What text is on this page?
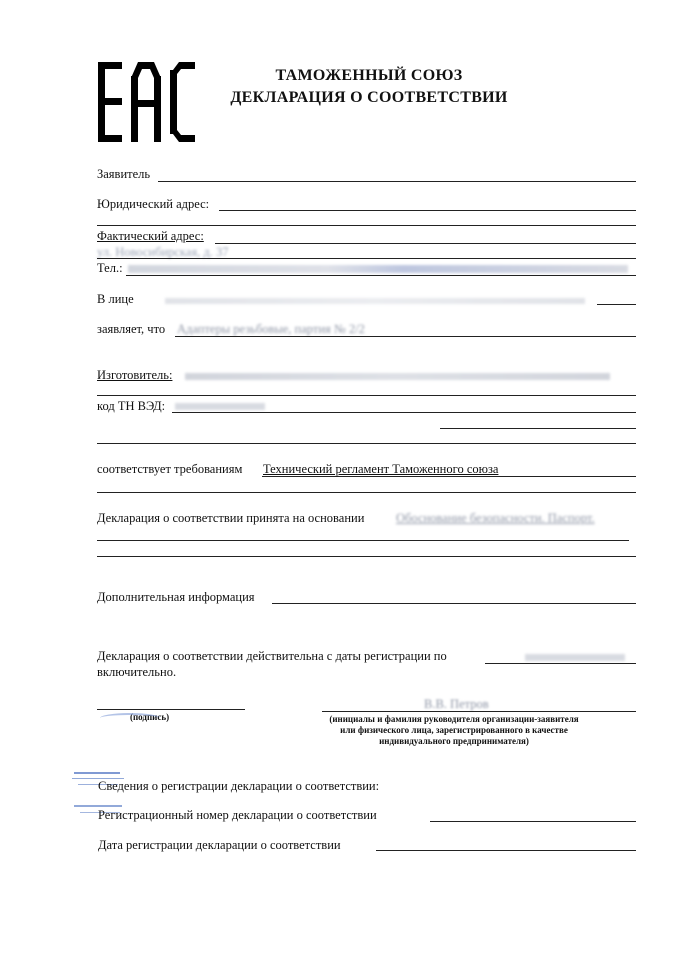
ТАМОЖЕННЫЙ СОЮЗ
ДЕКЛАРАЦИЯ О СООТВЕТСТВИИ
Заявитель
Юридический адрес:
Фактический адрес:
ул. Новосибирская, д. 37
Тел.:
В лице
заявляет, что Адаптеры резьбовые, партия № 2/2
Изготовитель:
код ТН ВЭД:
соответствует требованиям Технический регламент Таможенного союза
Декларация о соответствии принята на основании	Обоснование безопасности. Паспорт.
Дополнительная информация
Декларация о соответствии действительна с даты регистрации по
включительно.
(подпись)
В.В. Петров
(инициалы и фамилия руководителя организации-заявителя
или физического лица, зарегистрированного в качестве
индивидуального предпринимателя)
Сведения о регистрации декларации о соответствии:
Регистрационный номер декларации о соответствии
Дата регистрации декларации о соответствии
